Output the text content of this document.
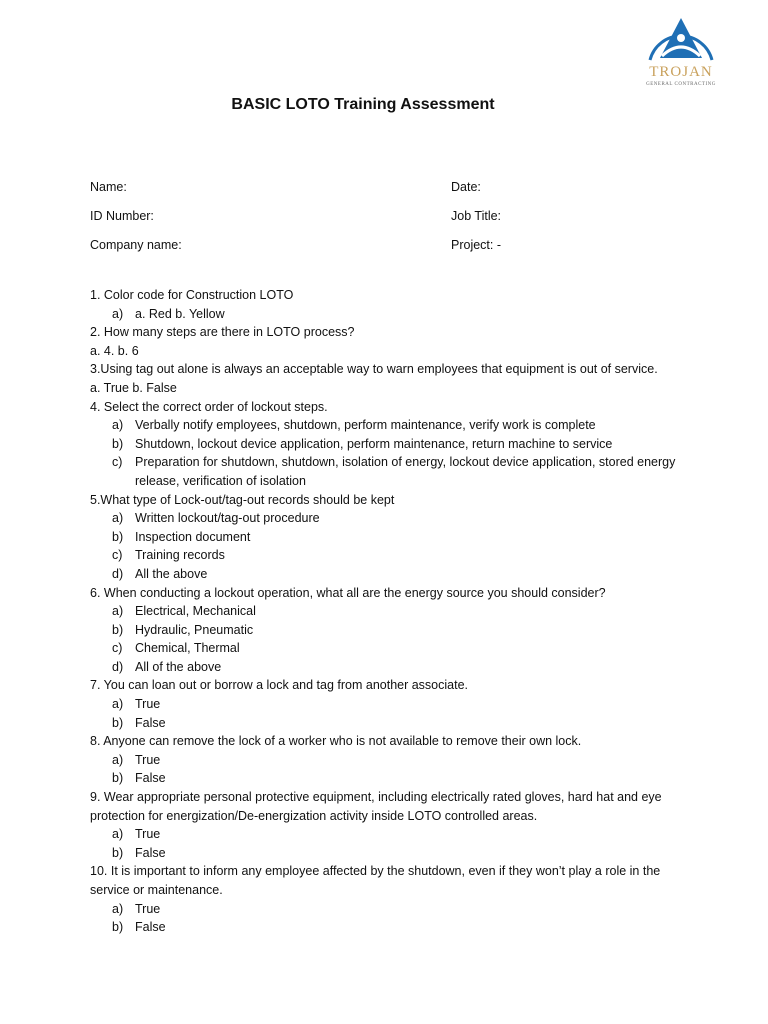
TROJAN
GENERAL CONTRACTING
BASIC LOTO Training Assessment
Name:	Date:
ID Number:	Job Title:
Company name:	Project: -

1. Color code for Construction LOTO

a) a. Red b. Yellow

2. How many steps are there in LOTO process?

a. 4. b. 6

3.Using tag out alone is always an acceptable way to warn employees that equipment is out of service.

a. True b. False

4. Select the correct order of lockout steps.

a) Verbally notify employees, shutdown, perform maintenance, verify work is complete

b) Shutdown, lockout device application, perform maintenance, return machine to service

c) Preparation for shutdown, shutdown, isolation of energy, lockout device application, stored energy release, verification of isolation

5.What type of Lock-out/tag-out records should be kept

a) Written lockout/tag-out procedure

b) Inspection document

c) Training records

d) All the above

6. When conducting a lockout operation, what all are the energy source you should consider?

a) Electrical, Mechanical

b) Hydraulic, Pneumatic

c) Chemical, Thermal

d) All of the above

7. You can loan out or borrow a lock and tag from another associate.

a) True

b) False

8. Anyone can remove the lock of a worker who is not available to remove their own lock.

a) True

b) False

9. Wear appropriate personal protective equipment, including electrically rated gloves, hard hat and eye protection for energization/De-energization activity inside LOTO controlled areas.

a) True

b) False

10. It is important to inform any employee affected by the shutdown, even if they won’t play a role in the service or maintenance.

a) True

b) False
